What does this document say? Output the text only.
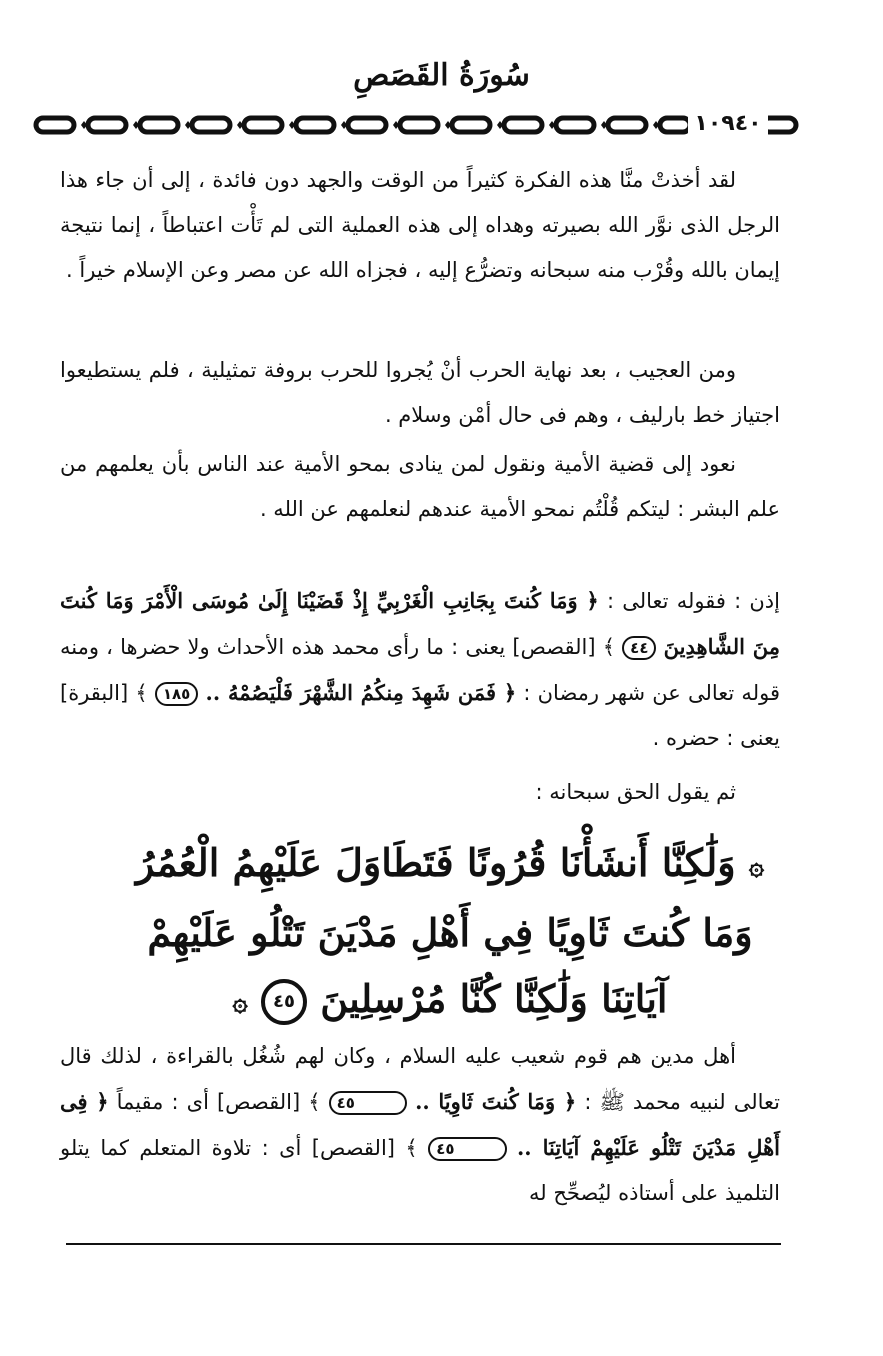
سُورَةُ القَصَصِ
١٠٩٤٠

لقد أخذتْ منَّا هذه الفكرة كثيراً من الوقت والجهد دون فائدة ، إلى أن جاء هذا الرجل الذى نوَّر الله بصيرته وهداه إلى هذه العملية التى لم تَأْت اعتباطاً ، إنما نتيجة إيمان بالله وقُرْب منه سبحانه وتضرُّع إليه ، فجزاه الله عن مصر وعن الإسلام خيراً .

ومن العجيب ، بعد نهاية الحرب أنْ يُجروا للحرب بروفة تمثيلية ، فلم يستطيعوا اجتياز خط بارليف ، وهم فى حال أمْن وسلام .

نعود إلى قضية الأمية ونقول لمن ينادى بمحو الأمية عند الناس بأن يعلمهم من علم البشر : ليتكم قُلْتُم نمحو الأمية عندهم لنعلمهم عن الله .

إذن : فقوله تعالى : ﴿ وَمَا كُنتَ بِجَانِبِ الْغَرْبِيِّ إِذْ قَضَيْنَا إِلَىٰ مُوسَى الْأَمْرَ وَمَا كُنتَ مِنَ الشَّاهِدِينَ ٤٤ ﴾ [القصص] يعنى : ما رأى محمد هذه الأحداث ولا حضرها ، ومنه قوله تعالى عن شهر رمضان : ﴿ فَمَن شَهِدَ مِنكُمُ الشَّهْرَ فَلْيَصُمْهُ .. ١٨٥ ﴾ [البقرة] يعنى : حضره .

ثم يقول الحق سبحانه :

۞ وَلَٰكِنَّا أَنشَأْنَا قُرُونًا فَتَطَاوَلَ عَلَيْهِمُ الْعُمُرُ
وَمَا كُنتَ ثَاوِيًا فِي أَهْلِ مَدْيَنَ تَتْلُو عَلَيْهِمْ
آيَاتِنَا وَلَٰكِنَّا كُنَّا مُرْسِلِينَ ٤٥ ۞

أهل مدين هم قوم شعيب عليه السلام ، وكان لهم شُغُل بالقراءة ، لذلك قال تعالى لنبيه محمد ﷺ : ﴿ وَمَا كُنتَ ثَاوِيًا .. ٤٥ ﴾ [القصص] أى : مقيماً ﴿ فِى أَهْلِ مَدْيَنَ تَتْلُو عَلَيْهِمْ آيَاتِنَا .. ٤٥ ﴾ [القصص] أى : تلاوة المتعلم كما يتلو التلميذ على أستاذه ليُصحِّح له
